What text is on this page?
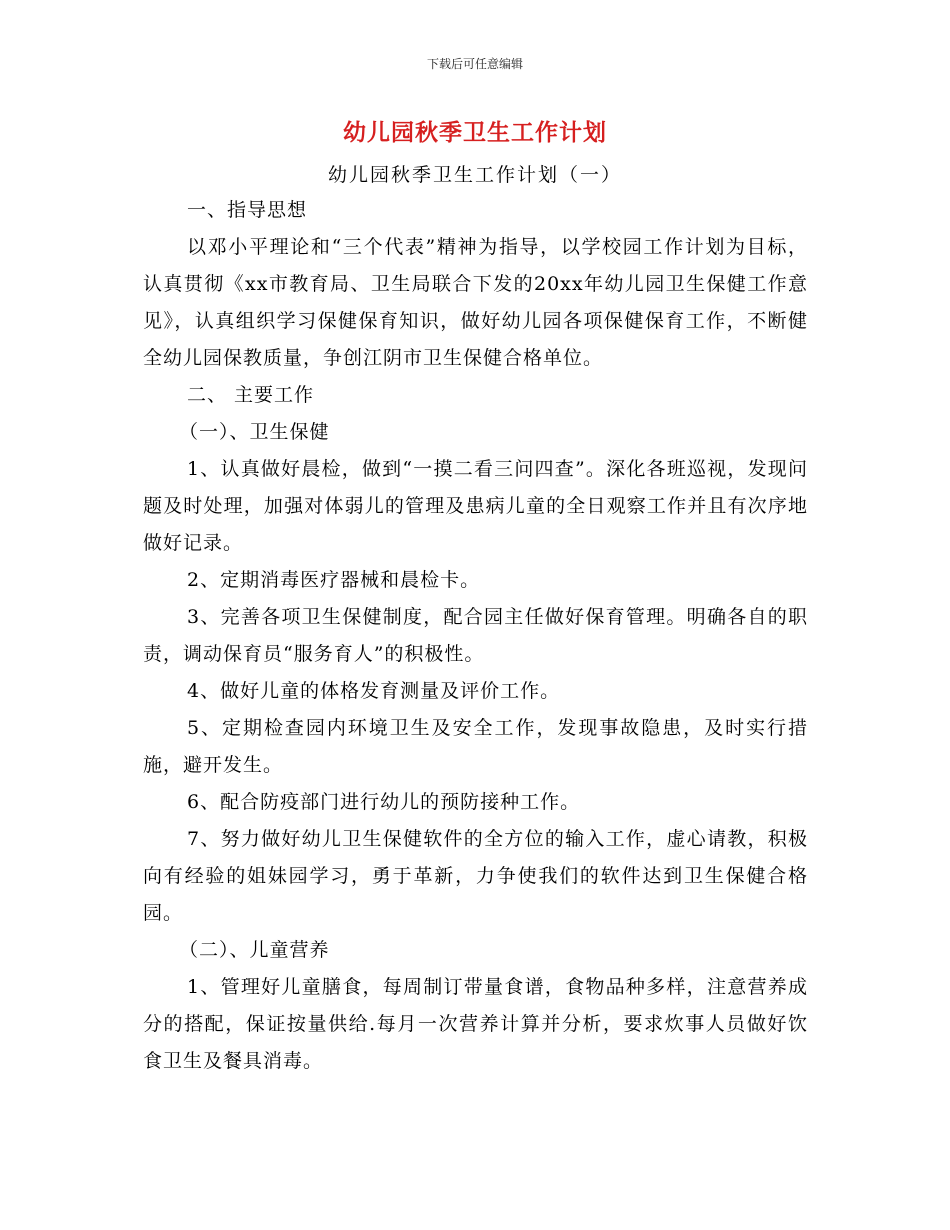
下载后可任意编辑
幼儿园秋季卫生工作计划
幼儿园秋季卫生工作计划（一）

一、指导思想

以邓小平理论和“三个代表”精神为指导，以学校园工作计划为目标，认真贯彻《xx市教育局、卫生局联合下发的20xx年幼儿园卫生保健工作意见》，认真组织学习保健保育知识，做好幼儿园各项保健保育工作，不断健全幼儿园保教质量，争创江阴市卫生保健合格单位。

二、 主要工作

（一）、卫生保健

1、认真做好晨检，做到“一摸二看三问四查”。深化各班巡视，发现问题及时处理，加强对体弱儿的管理及患病儿童的全日观察工作并且有次序地做好记录。

2、定期消毒医疗器械和晨检卡。

3、完善各项卫生保健制度，配合园主任做好保育管理。明确各自的职责，调动保育员“服务育人”的积极性。

4、做好儿童的体格发育测量及评价工作。

5、定期检查园内环境卫生及安全工作，发现事故隐患，及时实行措施，避开发生。

6、配合防疫部门进行幼儿的预防接种工作。

7、努力做好幼儿卫生保健软件的全方位的输入工作，虚心请教，积极向有经验的姐妹园学习，勇于革新，力争使我们的软件达到卫生保健合格园。

（二）、儿童营养

1、管理好儿童膳食，每周制订带量食谱，食物品种多样，注意营养成分的搭配，保证按量供给.每月一次营养计算并分析，要求炊事人员做好饮食卫生及餐具消毒。
